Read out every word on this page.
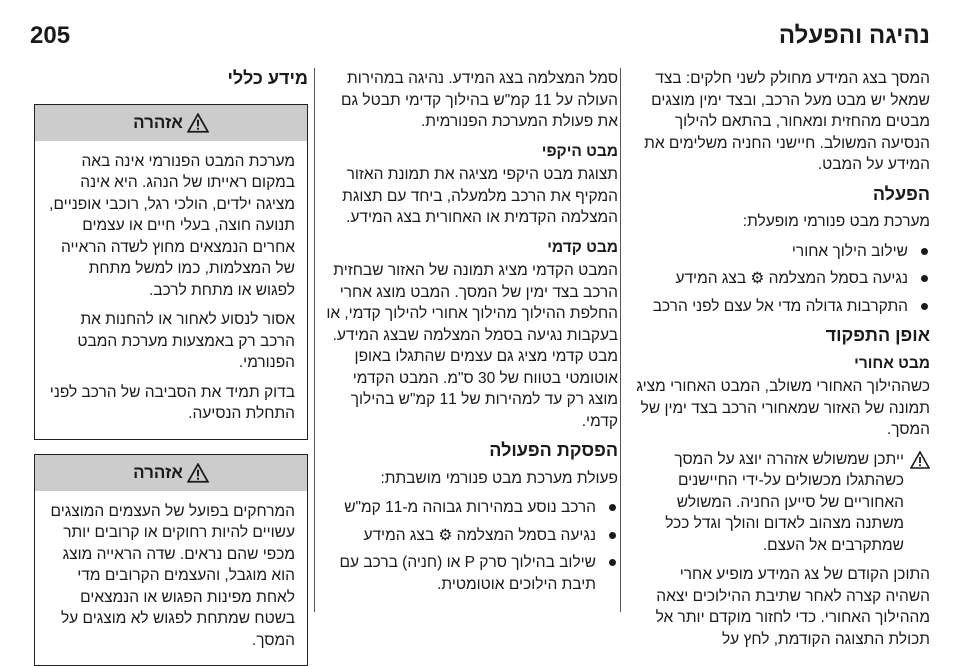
205	נהיגה והפעלה

המסך בצג המידע מחולק לשני חלקים: בצד שמאל יש מבט מעל הרכב, ובצד ימין מוצגים מבטים מהחזית ומאחור, בהתאם להילוך הנסיעה המשולב. חיישני החניה משלימים את המידע על המבט.

הפעלה

מערכת מבט פנורמי מופעלת:

שילוב הילוך אחורי
נגיעה בסמל המצלמה ⚙ בצג המידע
התקרבות גדולה מדי אל עצם לפני הרכב
אופן התפקוד
מבט אחורי

כשההילוך האחורי משולב, המבט האחורי מציג תמונה של האזור שמאחורי הרכב בצד ימין של המסך.

ייתכן שמשולש אזהרה יוצג על המסך כשהתגלו מכשולים על-ידי החיישנים האחוריים של סייען החניה. המשולש משתנה מצהוב לאדום והולך וגדל ככל שמתקרבים אל העצם.

התוכן הקודם של צג המידע מופיע אחרי השהיה קצרה לאחר שתיבת ההילוכים יצאה מההילוך האחורי. כדי לחזור מוקדם יותר אל תכולת התצוגה הקודמת, לחץ על

סמל המצלמה בצג המידע. נהיגה במהירות העולה על 11 קמ"ש בהילוך קדימי תבטל גם את פעולת המערכת הפנורמית.

מבט היקפי

תצוגת מבט היקפי מציגה את תמונת האזור המקיף את הרכב מלמעלה, ביחד עם תצוגת המצלמה הקדמית או האחורית בצג המידע.

מבט קדמי

המבט הקדמי מציג תמונה של האזור שבחזית הרכב בצד ימין של המסך. המבט מוצג אחרי החלפת ההילוך מהילוך אחורי להילוך קדמי, או בעקבות נגיעה בסמל המצלמה שבצג המידע. מבט קדמי מציג גם עצמים שהתגלו באופן אוטומטי בטווח של 30 ס"מ. המבט הקדמי מוצג רק עד למהירות של 11 קמ"ש בהילוך קדמי.

הפסקת הפעולה

פעולת מערכת מבט פנורמי מושבתת:

הרכב נוסע במהירות גבוהה מ-11 קמ"ש
נגיעה בסמל המצלמה ⚙ בצג המידע
שילוב בהילוך סרק P או (חניה) ברכב עם תיבת הילוכים אוטומטית.

מידע כללי

אזהרה

מערכת המבט הפנורמי אינה באה במקום ראייתו של הנהג. היא אינה מציגה ילדים, הולכי רגל, רוכבי אופניים, תנועה חוצה, בעלי חיים או עצמים אחרים הנמצאים מחוץ לשדה הראייה של המצלמות, כמו למשל מתחת לפגוש או מתחת לרכב.

אסור לנסוע לאחור או להחנות את הרכב רק באמצעות מערכת המבט הפנורמי.

בדוק תמיד את הסביבה של הרכב לפני התחלת הנסיעה.

אזהרה

המרחקים בפועל של העצמים המוצגים עשויים להיות רחוקים או קרובים יותר מכפי שהם נראים. שדה הראייה מוצג הוא מוגבל, והעצמים הקרובים מדי לאחת מפינות הפגוש או הנמצאים בשטח שמתחת לפגוש לא מוצגים על המסך.
